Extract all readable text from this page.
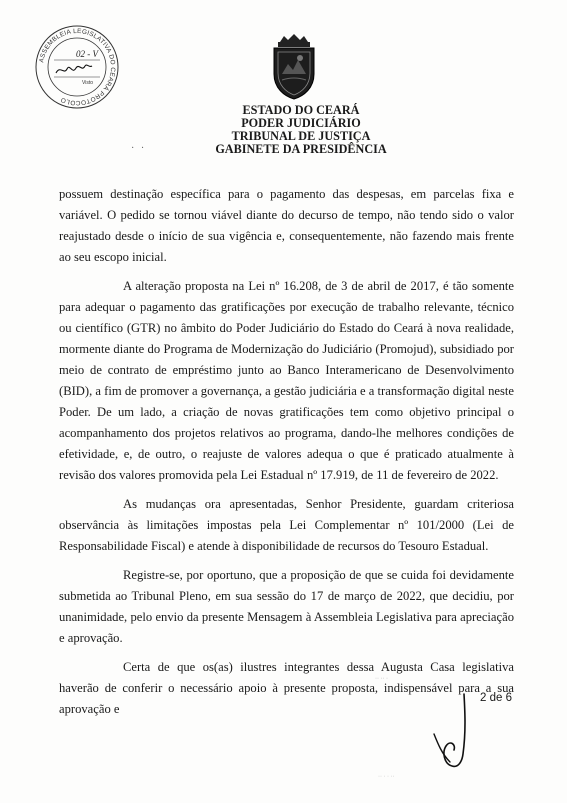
ASSEMBLEIA LEGISLATIVA DO CEARÁ PROTOCOLO
02 - V
Visto
ESTADO DO CEARÁ
PODER JUDICIÁRIO
TRIBUNAL DE JUSTIÇA
GABINETE DA PRESIDÊNCIA
· ·

possuem destinação específica para o pagamento das despesas, em parcelas fixa e variável. O pedido se tornou viável diante do decurso de tempo, não tendo sido o valor reajustado desde o início de sua vigência e, consequentemente, não fazendo mais frente ao seu escopo inicial.

A alteração proposta na Lei nº 16.208, de 3 de abril de 2017, é tão somente para adequar o pagamento das gratificações por execução de trabalho relevante, técnico ou científico (GTR) no âmbito do Poder Judiciário do Estado do Ceará à nova realidade, mormente diante do Programa de Modernização do Judiciário (Promojud), subsidiado por meio de contrato de empréstimo junto ao Banco Interamericano de Desenvolvimento (BID), a fim de promover a governança, a gestão judiciária e a transformação digital neste Poder. De um lado, a criação de novas gratificações tem como objetivo principal o acompanhamento dos projetos relativos ao programa, dando-lhe melhores condições de efetividade, e, de outro, o reajuste de valores adequa o que é praticado atualmente à revisão dos valores promovida pela Lei Estadual nº 17.919, de 11 de fevereiro de 2022.

As mudanças ora apresentadas, Senhor Presidente, guardam criteriosa observância às limitações impostas pela Lei Complementar nº 101/2000 (Lei de Responsabilidade Fiscal) e atende à disponibilidade de recursos do Tesouro Estadual.

Registre-se, por oportuno, que a proposição de que se cuida foi devidamente submetida ao Tribunal Pleno, em sua sessão do 17 de março de 2022, que decidiu, por unanimidade, pelo envio da presente Mensagem à Assembleia Legislativa para apreciação e aprovação.

Certa de que os(as) ilustres integrantes dessa Augusta Casa legislativa haverão de conferir o necessário apoio à presente proposta, indispensável para a sua aprovação e

·· ·· ·
2 de 6
·· · · ··
